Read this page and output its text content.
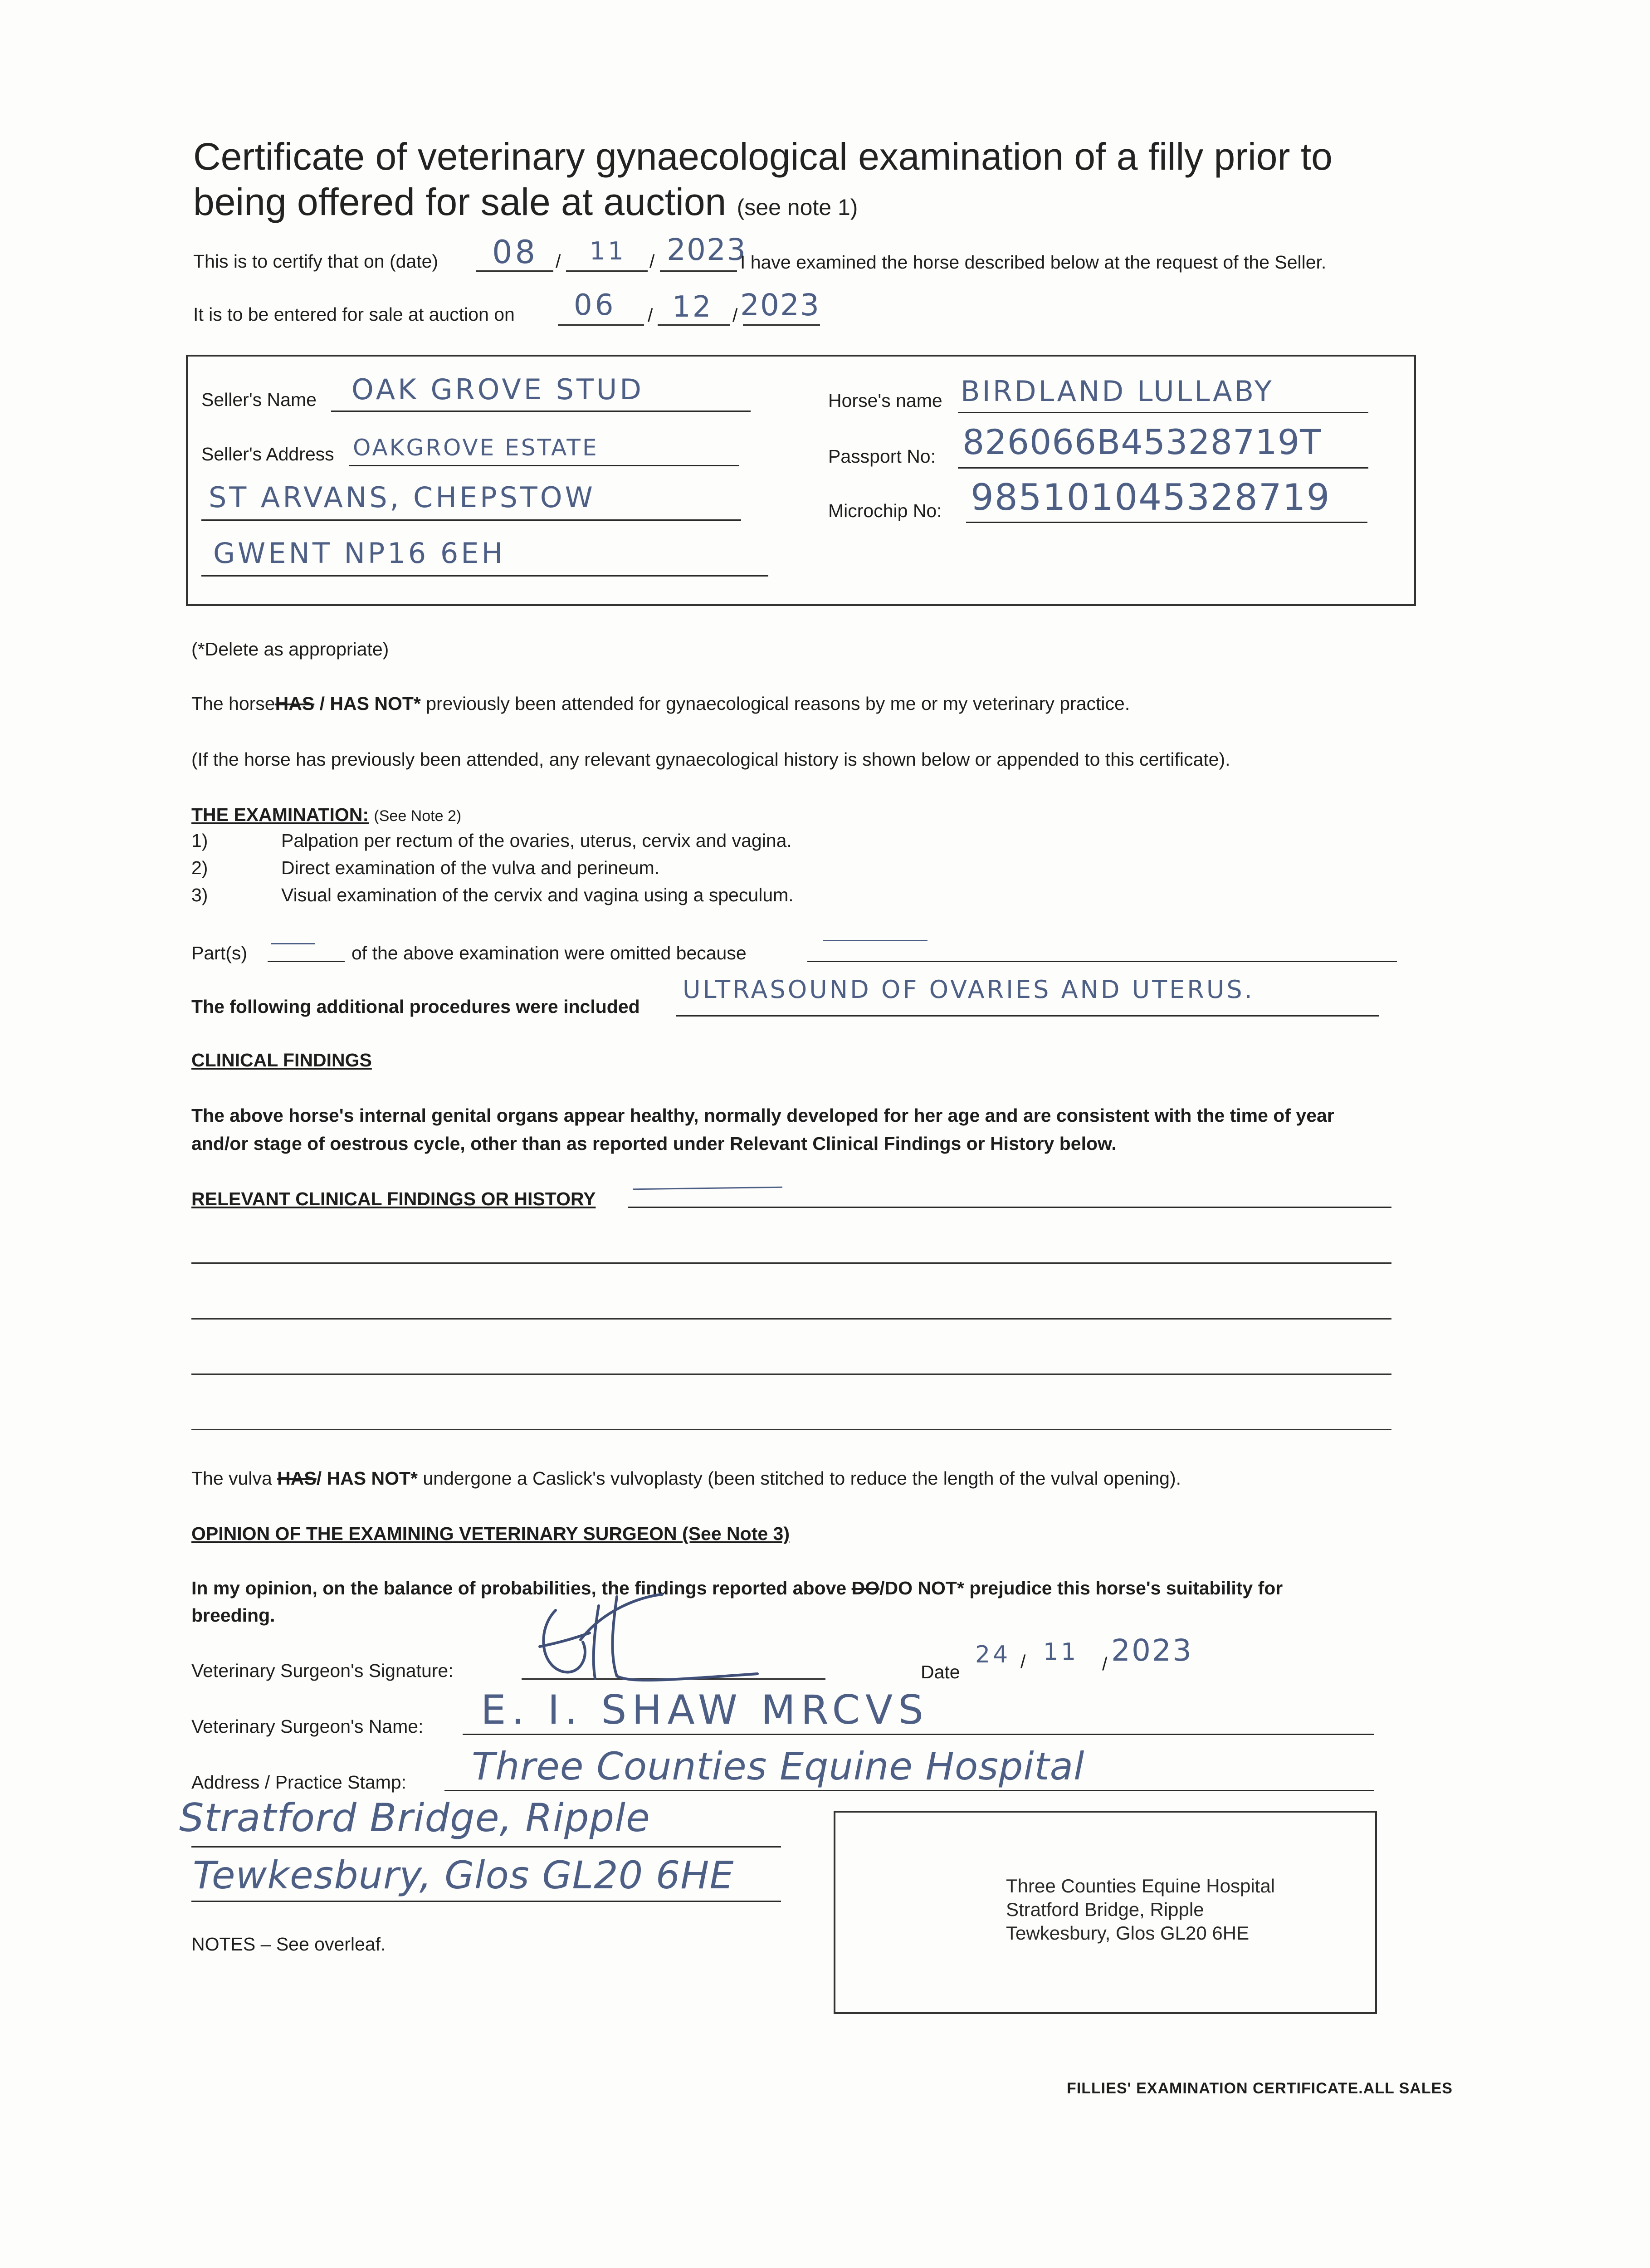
Certificate of veterinary gynaecological examination of a filly prior to
being offered for sale at auction (see note 1)
This is to certify that on (date) 08 / 11 / 2023
I have examined the horse described below at the request of the Seller.
It is to be entered for sale at auction on 06 / 12 / 2023
Seller's Name OAK GROVE STUD
Seller's Address OAKGROVE ESTATE
ST ARVANS, CHEPSTOW
GWENT NP16 6EH
Horse's name BIRDLAND LULLABY
Passport No: 826066B45328719T
Microchip No: 985101045328719
(*Delete as appropriate)
The horseHAS / HAS NOT* previously been attended for gynaecological reasons by me or my veterinary practice.
(If the horse has previously been attended, any relevant gynaecological history is shown below or appended to this certificate).
THE EXAMINATION: (See Note 2)
1)	Palpation per rectum of the ovaries, uterus, cervix and vagina.
2)	Direct examination of the vulva and perineum.
3)	Visual examination of the cervix and vagina using a speculum.
Part(s)	of the above examination were omitted because
The following additional procedures were included
ULTRASOUND OF OVARIES AND UTERUS.
CLINICAL FINDINGS
The above horse's internal genital organs appear healthy, normally developed for her age and are consistent with the time of year
and/or stage of oestrous cycle, other than as reported under Relevant Clinical Findings or History below.
RELEVANT CLINICAL FINDINGS OR HISTORY
The vulva HAS/ HAS NOT* undergone a Caslick's vulvoplasty (been stitched to reduce the length of the vulval opening).
OPINION OF THE EXAMINING VETERINARY SURGEON (See Note 3)
In my opinion, on the balance of probabilities, the findings reported above DO/DO NOT* prejudice this horse's suitability for
breeding.
Veterinary Surgeon's Signature:	Date
24 / 11 / 2023
Veterinary Surgeon's Name: E. I. SHAW MRCVS
Address / Practice Stamp: Three Counties Equine Hospital
Stratford Bridge, Ripple
Tewkesbury, Glos GL20 6HE	Three Counties Equine Hospital
Stratford Bridge, Ripple
Tewkesbury, Glos GL20 6HE
NOTES – See overleaf.
FILLIES' EXAMINATION CERTIFICATE.ALL SALES
